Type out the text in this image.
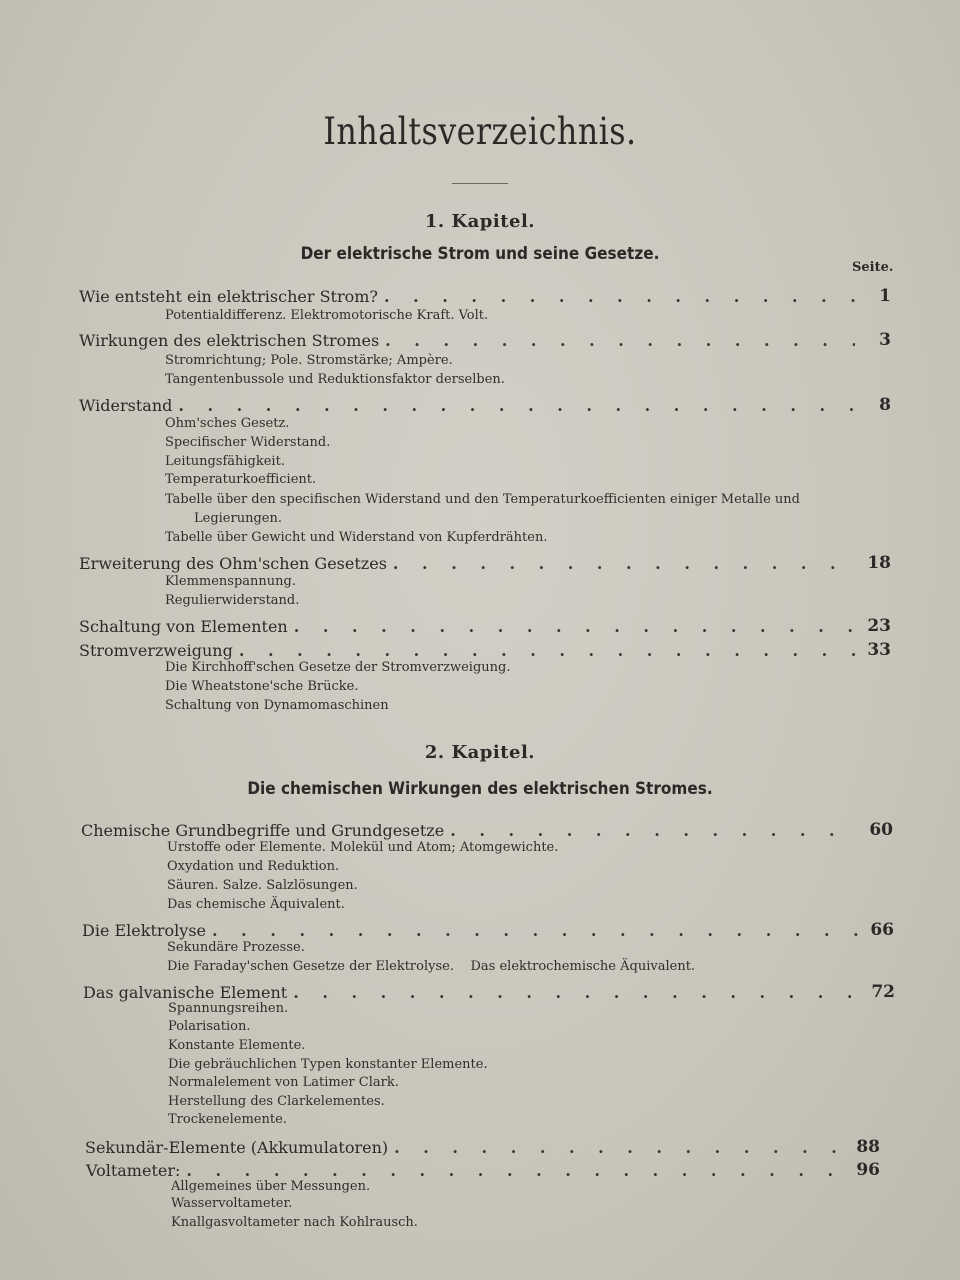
Inhaltsverzeichnis.
1. Kapitel.
Der elektrische Strom und seine Gesetze.
Seite.
Wie entsteht ein elektrischer Strom? . . .	1
Potentialdifferenz. Elektromotorische Kraft. Volt.
Wirkungen des elektrischen Stromes . . .	3
Stromrichtung; Pole. Stromstärke; Ampère.
Tangentenbussole und Reduktionsfaktor derselben.
Widerstand . . .	8
Ohm'sches Gesetz.
Specifischer Widerstand.
Leitungsfähigkeit.
Temperaturkoefficient.
Tabelle über den specifischen Widerstand und den Temperaturkoefficienten einiger Metalle und
Legierungen.
Tabelle über Gewicht und Widerstand von Kupferdrähten.
Erweiterung des Ohm'schen Gesetzes . . .	18
Klemmenspannung.
Regulierwiderstand.
Schaltung von Elementen . . .	23
Stromverzweigung . . .	33
Die Kirchhoff'schen Gesetze der Stromverzweigung.
Die Wheatstone'sche Brücke.
Schaltung von Dynamomaschinen
2. Kapitel.
Die chemischen Wirkungen des elektrischen Stromes.
Chemische Grundbegriffe und Grundgesetze . . .	60
Urstoffe oder Elemente. Molekül und Atom; Atomgewichte.
Oxydation und Reduktion.
Säuren. Salze. Salzlösungen.
Das chemische Äquivalent.
Die Elektrolyse . . .	66
Sekundäre Prozesse.
Die Faraday'schen Gesetze der Elektrolyse.    Das elektrochemische Äquivalent.
Das galvanische Element . . .	72
Spannungsreihen.
Polarisation.
Konstante Elemente.
Die gebräuchlichen Typen konstanter Elemente.
Normalelement von Latimer Clark.
Herstellung des Clarkelementes.
Trockenelemente.
Sekundär-Elemente (Akkumulatoren) . . .	88
Voltameter: . . .	96
Allgemeines über Messungen.
Wasservoltameter.
Knallgasvoltameter nach Kohlrausch.
